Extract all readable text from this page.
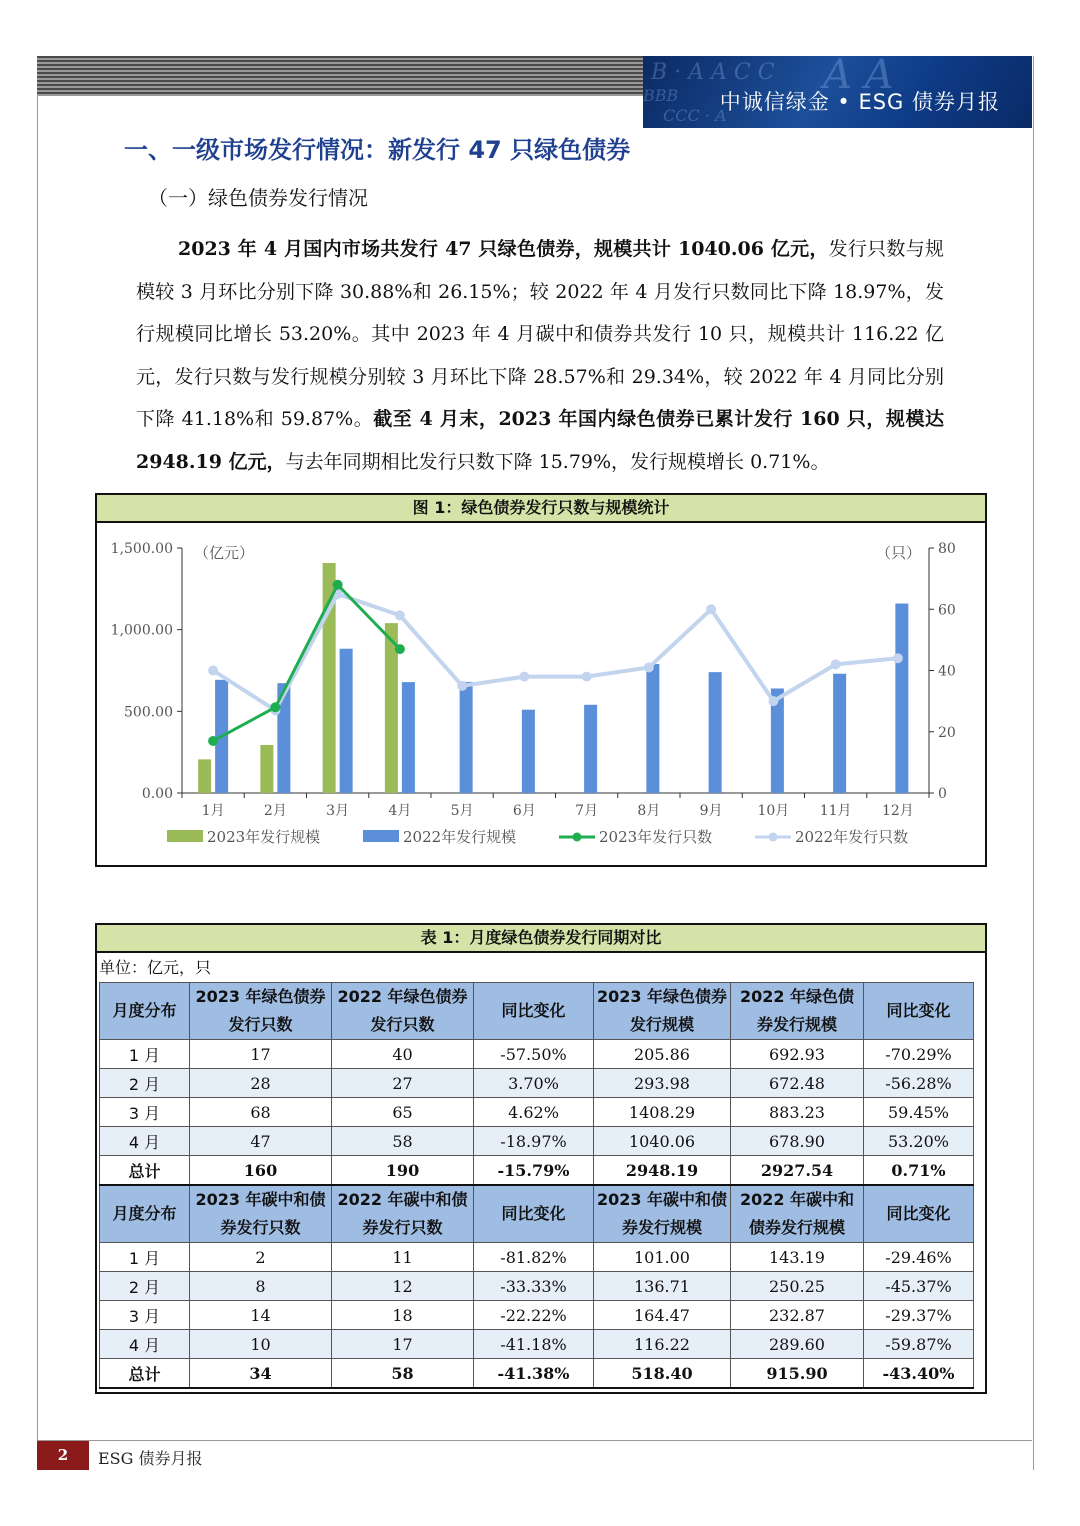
B · A A C C
BBB
CCC · A
A A
中诚信绿金 • ESG 债券月报
一、一级市场发行情况：新发行 47 只绿色债券
（一）绿色债券发行情况
2023 年 4 月国内市场共发行 47 只绿色债券，规模共计 1040.06 亿元，发行只数与规模较 3 月环比分别下降 30.88%和 26.15%；较 2022 年 4 月发行只数同比下降 18.97%，发行规模同比增长 53.20%。其中 2023 年 4 月碳中和债券共发行 10 只，规模共计 116.22 亿元，发行只数与发行规模分别较 3 月环比下降 28.57%和 29.34%，较 2022 年 4 月同比分别下降 41.18%和 59.87%。截至 4 月末，2023 年国内绿色债券已累计发行 160 只，规模达 2948.19 亿元，与去年同期相比发行只数下降 15.79%，发行规模增长 0.71%。
图 1：绿色债券发行只数与规模统计
0.00
500.00
1,000.00
1,500.00
0
20
40
60
80
（亿元）	（只）
1月	2月	3月	4月	5月	6月	7月	8月	9月 10月 11月 12月
2023年发行规模	2022年发行规模	2023年发行只数	2022年发行只数
表 1：月度绿色债券发行同期对比
单位：亿元，只
月度分布	2023 年绿色债券发行只数	2022 年绿色债券发行只数	同比变化	2023 年绿色债券发行规模	2022 年绿色债券发行规模	同比变化
1 月	17	40	-57.50%	205.86	692.93	-70.29%
2 月	28	27	3.70%	293.98	672.48	-56.28%
3 月	68	65	4.62%	1408.29	883.23	59.45%
4 月	47	58	-18.97%	1040.06	678.90	53.20%
总计	160	190	-15.79%	2948.19	2927.54	0.71%
月度分布	2023 年碳中和债券发行只数	2022 年碳中和债券发行只数	同比变化	2023 年碳中和债券发行规模	2022 年碳中和债券发行规模	同比变化
1 月	2	11	-81.82%	101.00	143.19	-29.46%
2 月	8	12	-33.33%	136.71	250.25	-45.37%
3 月	14	18	-22.22%	164.47	232.87	-29.37%
4 月	10	17	-41.18%	116.22	289.60	-59.87%
总计	34	58	-41.38%	518.40	915.90	-43.40%
2	ESG 债券月报
